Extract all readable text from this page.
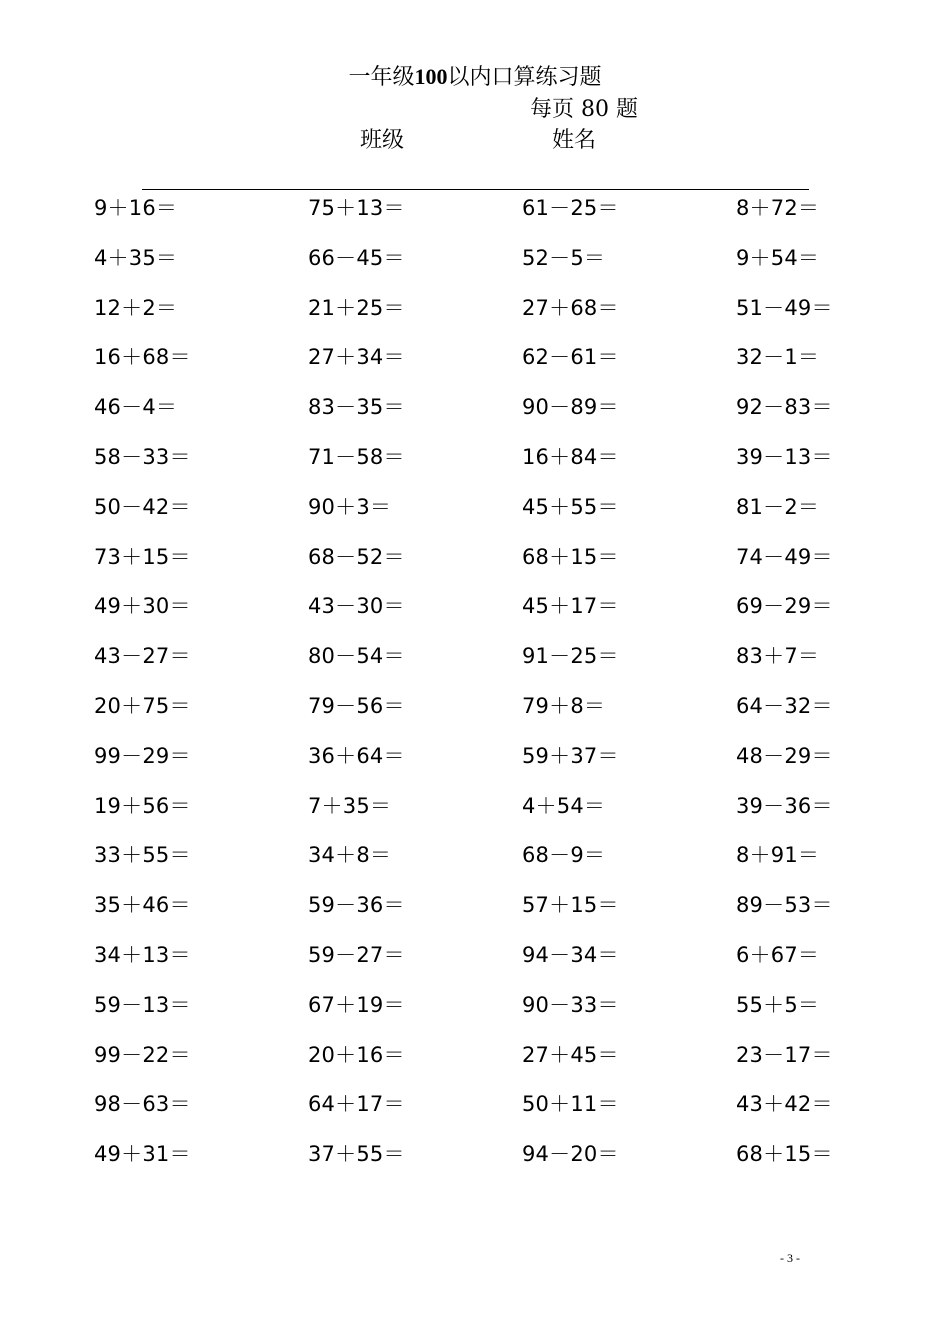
一年级100以内口算练习题
每页 80 题
班级	姓名
9＋16＝	75＋13＝	61－25＝	8＋72＝
4＋35＝	66－45＝	52－5＝	9＋54＝
12＋2＝	21＋25＝	27＋68＝	51－49＝
16＋68＝	27＋34＝	62－61＝	32－1＝
46－4＝	83－35＝	90－89＝	92－83＝
58－33＝	71－58＝	16＋84＝	39－13＝
50－42＝	90＋3＝	45＋55＝	81－2＝
73＋15＝	68－52＝	68＋15＝	74－49＝
49＋30＝	43－30＝	45＋17＝	69－29＝
43－27＝	80－54＝	91－25＝	83＋7＝
20＋75＝	79－56＝	79＋8＝	64－32＝
99－29＝	36＋64＝	59＋37＝	48－29＝
19＋56＝	7＋35＝	4＋54＝	39－36＝
33＋55＝	34＋8＝	68－9＝	8＋91＝
35＋46＝	59－36＝	57＋15＝	89－53＝
34＋13＝	59－27＝	94－34＝	6＋67＝
59－13＝	67＋19＝	90－33＝	55＋5＝
99－22＝	20＋16＝	27＋45＝	23－17＝
98－63＝	64＋17＝	50＋11＝	43＋42＝
49＋31＝	37＋55＝	94－20＝	68＋15＝
- 3 -
